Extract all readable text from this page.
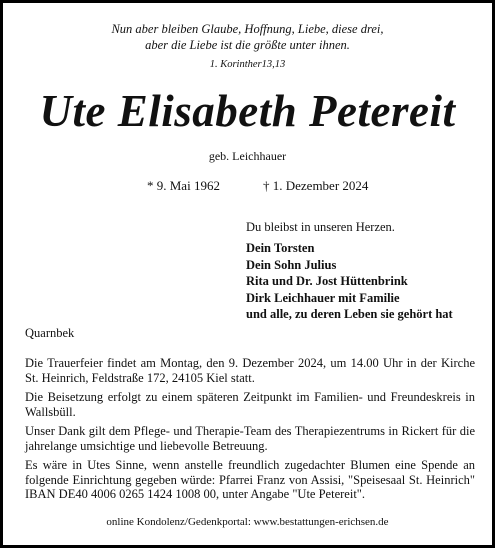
Nun aber bleiben Glaube, Hoffnung, Liebe, diese drei,
aber die Liebe ist die größte unter ihnen.
1. Korinther13,13
Ute Elisabeth Petereit
geb. Leichhauer
* 9. Mai 1962	† 1. Dezember 2024
Du bleibst in unseren Herzen.
Dein Torsten
Dein Sohn Julius
Rita und Dr. Jost Hüttenbrink
Dirk Leichhauer mit Familie
und alle, zu deren Leben sie gehört hat
Quarnbek
Die Trauerfeier findet am Montag, den 9. Dezember 2024, um 14.00 Uhr in der Kirche St. Heinrich, Feldstraße 172, 24105 Kiel statt.
Die Beisetzung erfolgt zu einem späteren Zeitpunkt im Familien- und Freundeskreis in Wallsbüll.
Unser Dank gilt dem Pflege- und Therapie-Team des Therapiezentrums in Rickert für die jahrelange umsichtige und liebevolle Betreuung.
Es wäre in Utes Sinne, wenn anstelle freundlich zugedachter Blumen eine Spende an folgende Einrichtung gegeben würde: Pfarrei Franz von Assisi, "Speisesaal St. Heinrich" IBAN DE40 4006 0265 1424 1008 00, unter Angabe "Ute Petereit".
online Kondolenz/Gedenkportal: www.bestattungen-erichsen.de
